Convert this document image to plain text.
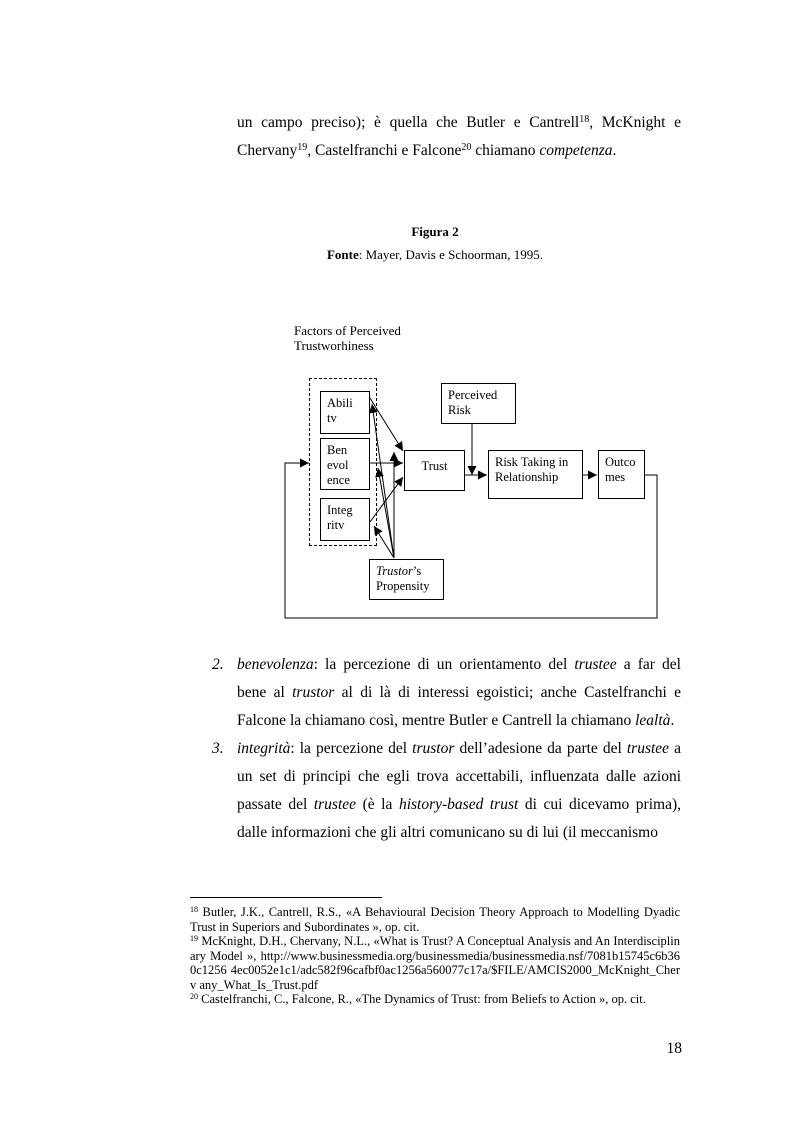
un campo preciso); è quella che Butler e Cantrell$^{18}$, McKnight e

Chervany$^{19}$, Castelfranchi e Falcone$^{20}$ chiamano competenza.

Figura 2
Fonte: Mayer, Davis e Schoorman, 1995.
Factors of Perceived
Trustworhiness
Abili
tv
Ben
evol
ence
Integ
ritv
Perceived
Risk
Trust	Risk Taking in
Relationship
Outco
mes
Trustor’s
Propensity
2. benevolenza: la percezione di un orientamento del trustee a far del bene al trustor al di là di interessi egoistici; anche Castelfranchi e Falcone la chiamano così, mentre Butler e Cantrell la chiamano lealtà.
3. integrità: la percezione del trustor dell’adesione da parte del trustee a un set di principi che egli trova accettabili, influenzata dalle azioni passate del trustee (è la history-based trust di cui dicevamo prima), dalle informazioni che gli altri comunicano su di lui (il meccanismo

$^{18}$ Butler, J.K., Cantrell, R.S., «A Behavioural Decision Theory Approach to Modelling Dyadic Trust in Superiors and Subordinates », op. cit.

$^{19}$ McKnight, D.H., Chervany, N.L., «What is Trust? A Conceptual Analysis and An Interdisciplinary Model », http://www.businessmedia.org/businessmedia/businessmedia.nsf/7081b15745c6b360c1256 4ec0052e1c1/adc582f96cafbf0ac1256a560077c17a/$FILE/AMCIS2000_McKnight_Cherv any_What_Is_Trust.pdf

$^{20}$ Castelfranchi, C., Falcone, R., «The Dynamics of Trust: from Beliefs to Action », op. cit.

18
